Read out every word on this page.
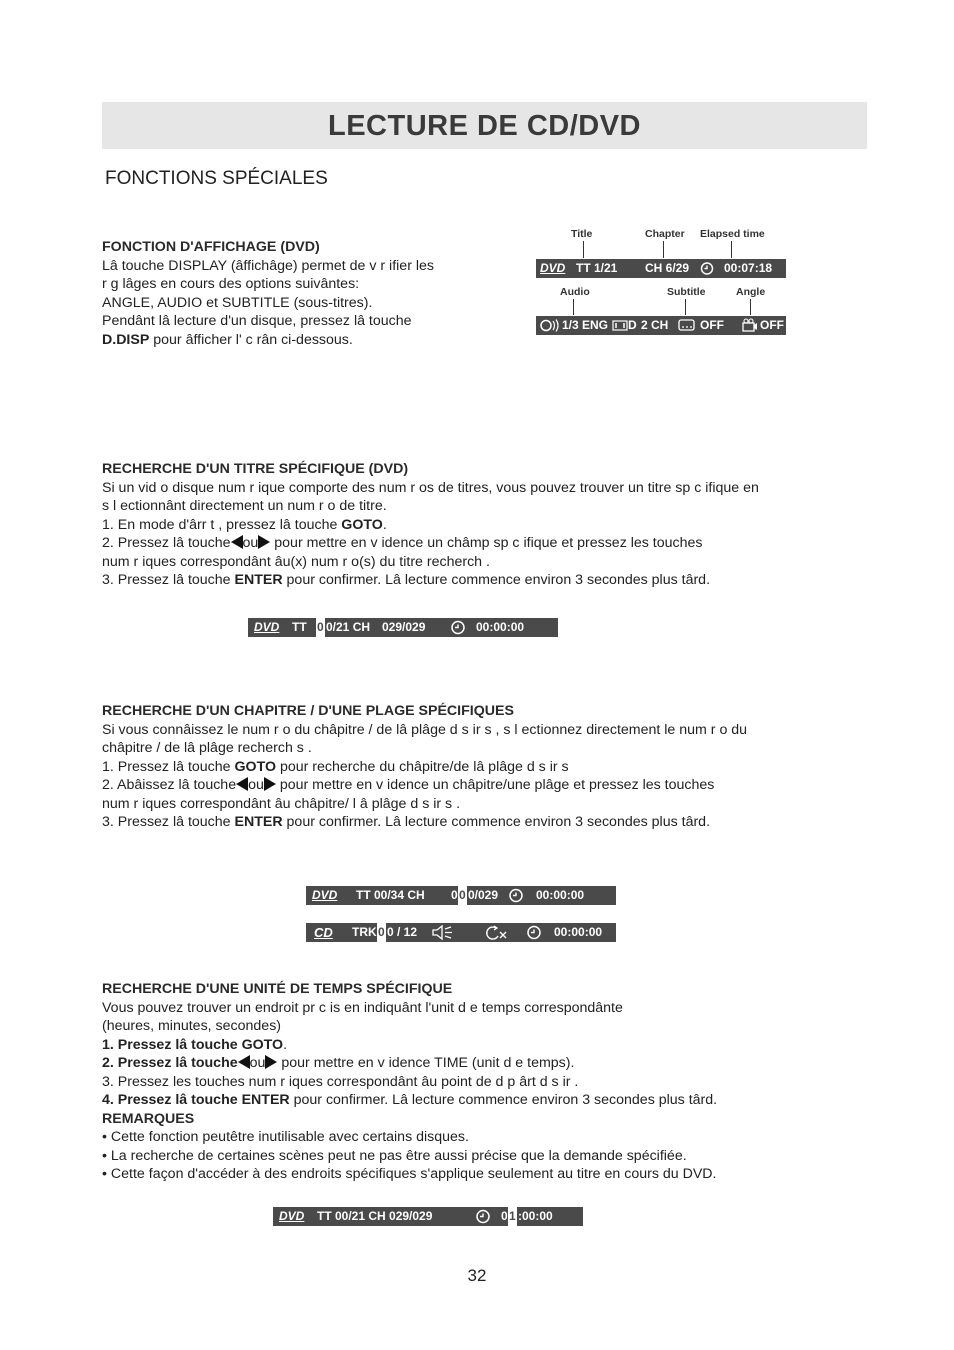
LECTURE DE CD/DVD
FONCTIONS SPÉCIALES

FONCTION D'AFFICHAGE (DVD)

Lâ touche DISPLAY (âffichâge) permet de v r ifier les

r g lâges en cours des options suivântes:

ANGLE, AUDIO et SUBTITLE (sous-titres).

Pendânt lâ lecture d'un disque, pressez lâ touche

D.DISP pour âfficher l' c rân ci-dessous.

Title	Chapter Elapsed time
DVD TT 1/21 CH 6/29	00:07:18
Audio	Subtitle	Angle
1/3 ENG D 2 CH	OFF	OFF

RECHERCHE D'UN TITRE SPÉCIFIQUE (DVD)

Si un vid o disque num r ique comporte des num r os de titres, vous pouvez trouver un titre sp c ifique en

s l ectionnânt directement un num r o de titre.

1. En mode d'ârr t , pressez lâ touche GOTO.

2. Pressez lâ touche ou pour mettre en v idence un châmp sp c ifique et pressez les touches

num r iques correspondânt âu(x) num r o(s) du titre recherch .

3. Pressez lâ touche ENTER pour confirmer. Lâ lecture commence environ 3 secondes plus târd.

DVD TT 0 0/21 CH 029/029	00:00:00

RECHERCHE D'UN CHAPITRE / D'UNE PLAGE SPÉCIFIQUES

Si vous connâissez le num r o du châpitre / de lâ plâge d s ir s , s l ectionnez directement le num r o du

châpitre / de lâ plâge recherch s .

1. Pressez lâ touche GOTO pour recherche du châpitre/de lâ plâge d s ir s

2. Abâissez lâ touche ou pour mettre en v idence un châpitre/une plâge et pressez les touches

num r iques correspondânt âu châpitre/ l â plâge d s ir s .

3. Pressez lâ touche ENTER pour confirmer. Lâ lecture commence environ 3 secondes plus târd.

DVD TT 00/34 CH 0 0 0/029	00:00:00
CD TRK 0 0 / 12	00:00:00

RECHERCHE D'UNE UNITÉ DE TEMPS SPÉCIFIQUE

Vous pouvez trouver un endroit pr c is en indiquânt l'unit d e temps correspondânte

(heures, minutes, secondes)

1. Pressez lâ touche GOTO.

2. Pressez lâ touche ou pour mettre en v idence TIME (unit d e temps).

3. Pressez les touches num r iques correspondânt âu point de d p ârt d s ir .

4. Pressez lâ touche ENTER pour confirmer. Lâ lecture commence environ 3 secondes plus târd.

REMARQUES

• Cette fonction peutêtre inutilisable avec certains disques.

• La recherche de certaines scènes peut ne pas être aussi précise que la demande spécifiée.

• Cette façon d'accéder à des endroits spécifiques s'applique seulement au titre en cours du DVD.

DVD TT 00/21 CH 029/029	0 1 :00:00
32
